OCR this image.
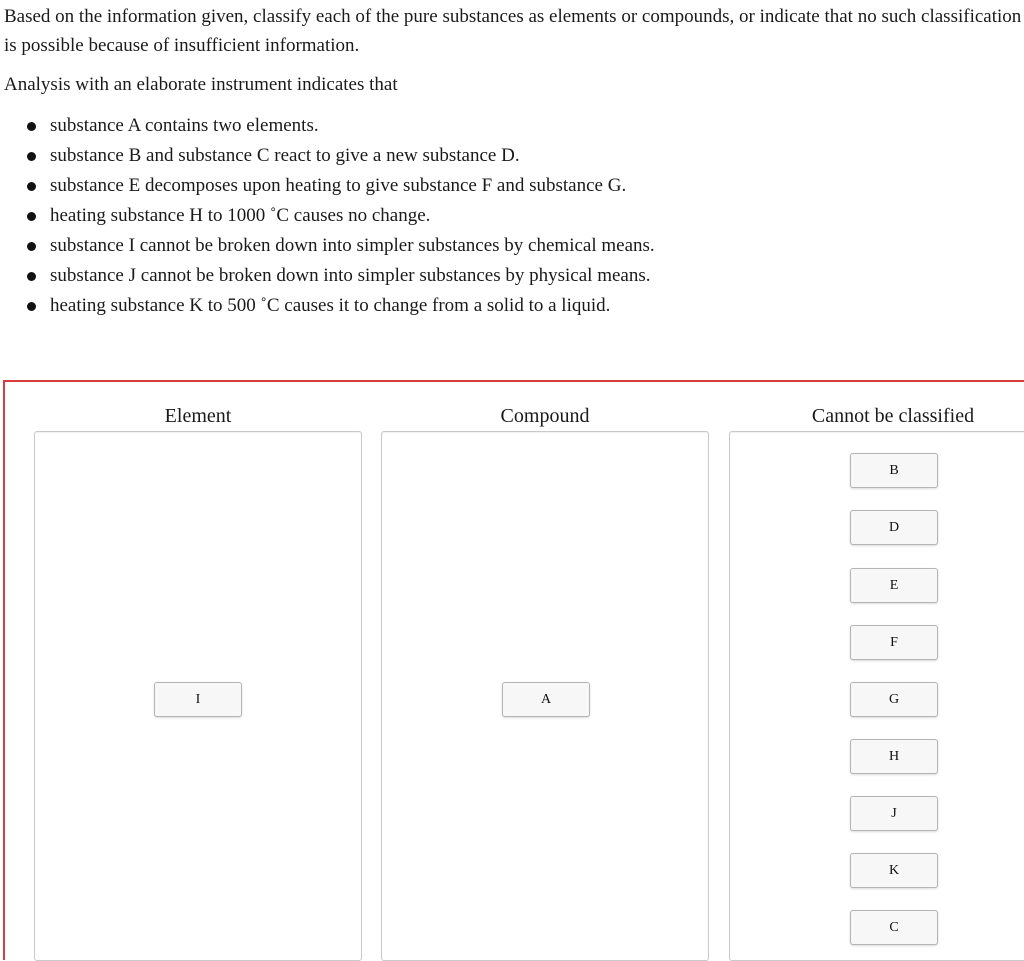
Based on the information given, classify each of the pure substances as elements or compounds, or indicate that no such classification is possible because of insufficient information.
Analysis with an elaborate instrument indicates that
substance A contains two elements.
substance B and substance C react to give a new substance D.
substance E decomposes upon heating to give substance F and substance G.
heating substance H to 1000 ˚C causes no change.
substance I cannot be broken down into simpler substances by chemical means.
substance J cannot be broken down into simpler substances by physical means.
heating substance K to 500 ˚C causes it to change from a solid to a liquid.
Element
I
Compound
A
Cannot be classified
B
D
E
F
G
H
J
K
C
